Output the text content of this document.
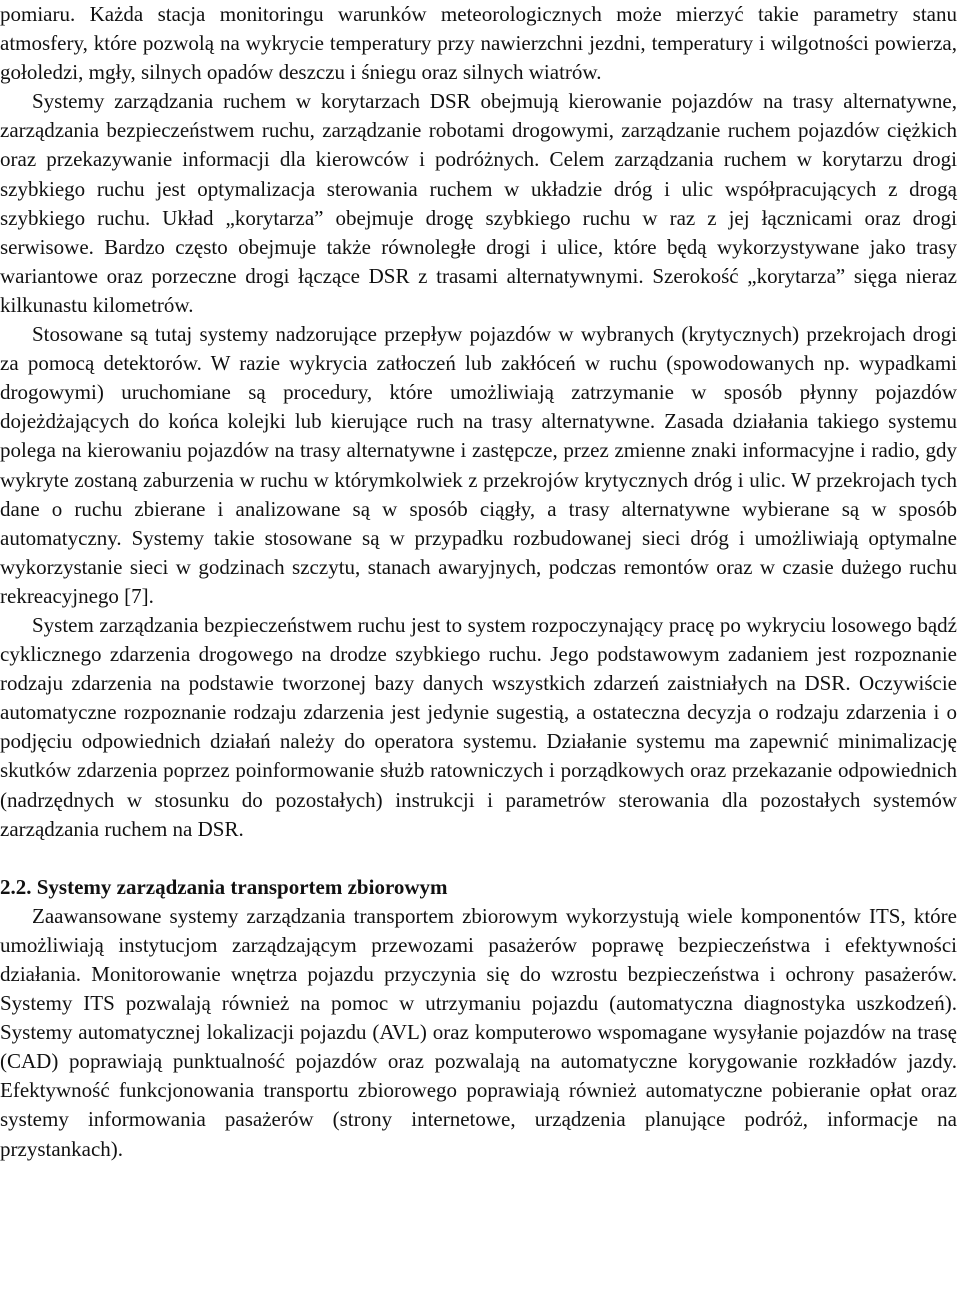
pomiaru. Każda stacja monitoringu warunków meteorologicznych może mierzyć takie parametry stanu atmosfery, które pozwolą na wykrycie temperatury przy nawierzchni jezdni, temperatury i wilgotności powierza, gołoledzi, mgły, silnych opadów deszczu i śniegu oraz silnych wiatrów.

Systemy zarządzania ruchem w korytarzach DSR obejmują kierowanie pojazdów na trasy alternatywne, zarządzania bezpieczeństwem ruchu, zarządzanie robotami drogowymi, zarządzanie ruchem pojazdów ciężkich oraz przekazywanie informacji dla kierowców i podróżnych. Celem zarządzania ruchem w korytarzu drogi szybkiego ruchu jest optymalizacja sterowania ruchem w układzie dróg i ulic współpracujących z drogą szybkiego ruchu. Układ „korytarza” obejmuje drogę szybkiego ruchu w raz z jej łącznicami oraz drogi serwisowe. Bardzo często obejmuje także równoległe drogi i ulice, które będą wykorzystywane jako trasy wariantowe oraz porzeczne drogi łączące DSR z trasami alternatywnymi. Szerokość „korytarza” sięga nieraz kilkunastu kilometrów.

Stosowane są tutaj systemy nadzorujące przepływ pojazdów w wybranych (krytycznych) przekrojach drogi za pomocą detektorów. W razie wykrycia zatłoczeń lub zakłóceń w ruchu (spowodowanych np. wypadkami drogowymi) uruchomiane są procedury, które umożliwiają zatrzymanie w sposób płynny pojazdów dojeżdżających do końca kolejki lub kierujące ruch na trasy alternatywne. Zasada działania takiego systemu polega na kierowaniu pojazdów na trasy alternatywne i zastępcze, przez zmienne znaki informacyjne i radio, gdy wykryte zostaną zaburzenia w ruchu w którymkolwiek z przekrojów krytycznych dróg i ulic. W przekrojach tych dane o ruchu zbierane i analizowane są w sposób ciągły, a trasy alternatywne wybierane są w sposób automatyczny. Systemy takie stosowane są w przypadku rozbudowanej sieci dróg i umożliwiają optymalne wykorzystanie sieci w godzinach szczytu, stanach awaryjnych, podczas remontów oraz w czasie dużego ruchu rekreacyjnego [7].

System zarządzania bezpieczeństwem ruchu jest to system rozpoczynający pracę po wykryciu losowego bądź cyklicznego zdarzenia drogowego na drodze szybkiego ruchu. Jego podstawowym zadaniem jest rozpoznanie rodzaju zdarzenia na podstawie tworzonej bazy danych wszystkich zdarzeń zaistniałych na DSR. Oczywiście automatyczne rozpoznanie rodzaju zdarzenia jest jedynie sugestią, a ostateczna decyzja o rodzaju zdarzenia i o podjęciu odpowiednich działań należy do operatora systemu. Działanie systemu ma zapewnić minimalizację skutków zdarzenia poprzez poinformowanie służb ratowniczych i porządkowych oraz przekazanie odpowiednich (nadrzędnych w stosunku do pozostałych) instrukcji i parametrów sterowania dla pozostałych systemów zarządzania ruchem na DSR.

2.2. Systemy zarządzania transportem zbiorowym

Zaawansowane systemy zarządzania transportem zbiorowym wykorzystują wiele komponentów ITS, które umożliwiają instytucjom zarządzającym przewozami pasażerów poprawę bezpieczeństwa i efektywności działania. Monitorowanie wnętrza pojazdu przyczynia się do wzrostu bezpieczeństwa i ochrony pasażerów. Systemy ITS pozwalają również na pomoc w utrzymaniu pojazdu (automatyczna diagnostyka uszkodzeń). Systemy automatycznej lokalizacji pojazdu (AVL) oraz komputerowo wspomagane wysyłanie pojazdów na trasę (CAD) poprawiają punktualność pojazdów oraz pozwalają na automatyczne korygowanie rozkładów jazdy. Efektywność funkcjonowania transportu zbiorowego poprawiają również automatyczne pobieranie opłat oraz systemy informowania pasażerów (strony internetowe, urządzenia planujące podróż, informacje na przystankach).
